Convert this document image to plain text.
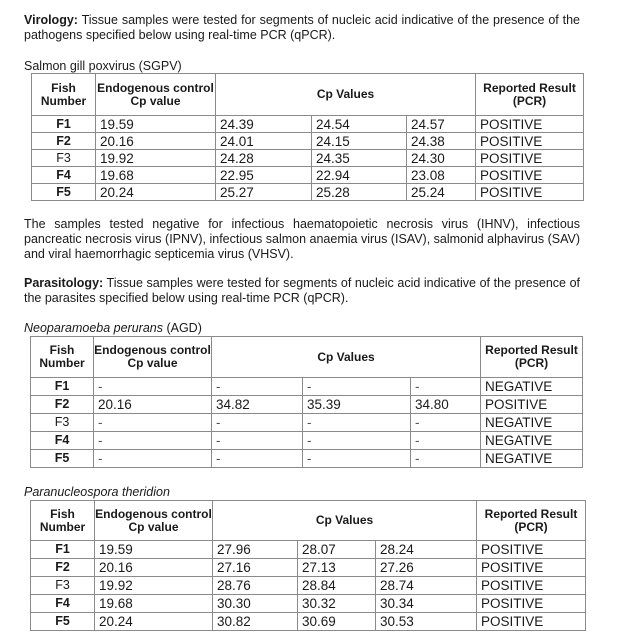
Virology: Tissue samples were tested for segments of nucleic acid indicative of the presence of the pathogens specified below using real-time PCR (qPCR).

Salmon gill poxvirus (SGPV)

Fish Number	Endogenous control Cp value	Cp Values			Reported Result (PCR)
F1	19.59	24.39	24.54	24.57	POSITIVE
F2	20.16	24.01	24.15	24.38	POSITIVE
F3	19.92	24.28	24.35	24.30	POSITIVE
F4	19.68	22.95	22.94	23.08	POSITIVE
F5	20.24	25.27	25.28	25.24	POSITIVE

The samples tested negative for infectious haematopoietic necrosis virus (IHNV), infectious pancreatic necrosis virus (IPNV), infectious salmon anaemia virus (ISAV), salmonid alphavirus (SAV) and viral haemorrhagic septicemia virus (VHSV).

Parasitology: Tissue samples were tested for segments of nucleic acid indicative of the presence of the parasites specified below using real-time PCR (qPCR).

Neoparamoeba perurans (AGD)

Fish Number	Endogenous control Cp value	Cp Values			Reported Result (PCR)
F1	-	-	-	-	NEGATIVE
F2	20.16	34.82	35.39	34.80	POSITIVE
F3	-	-	-	-	NEGATIVE
F4	-	-	-	-	NEGATIVE
F5	-	-	-	-	NEGATIVE

Paranucleospora theridion

Fish Number	Endogenous control Cp value	Cp Values			Reported Result (PCR)
F1	19.59	27.96	28.07	28.24	POSITIVE
F2	20.16	27.16	27.13	27.26	POSITIVE
F3	19.92	28.76	28.84	28.74	POSITIVE
F4	19.68	30.30	30.32	30.34	POSITIVE
F5	20.24	30.82	30.69	30.53	POSITIVE
